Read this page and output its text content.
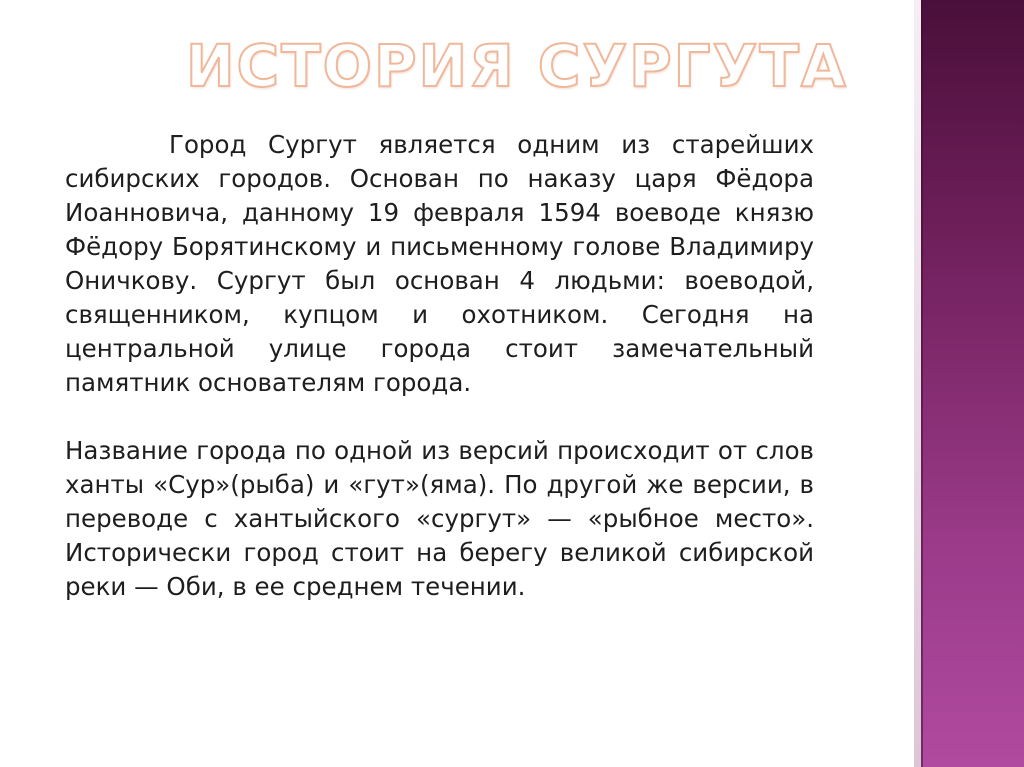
ИСТОРИЯ СУРГУТА

Город Сургут является одним из старейших сибирских городов. Основан по наказу царя Фёдора Иоанновича, данному 19 февраля 1594 воеводе князю Фёдору Борятинскому и письменному голове Владимиру Оничкову. Сургут был основан 4 людьми: воеводой, священником, купцом и охотником. Сегодня на центральной улице города стоит замечательный памятник основателям города.

Название города по одной из версий происходит от слов ханты «Сур»(рыба) и «гут»(яма). По другой же версии, в переводе с хантыйского «сургут» — «рыбное место». Исторически город стоит на берегу великой сибирской реки — Оби, в ее среднем течении.
